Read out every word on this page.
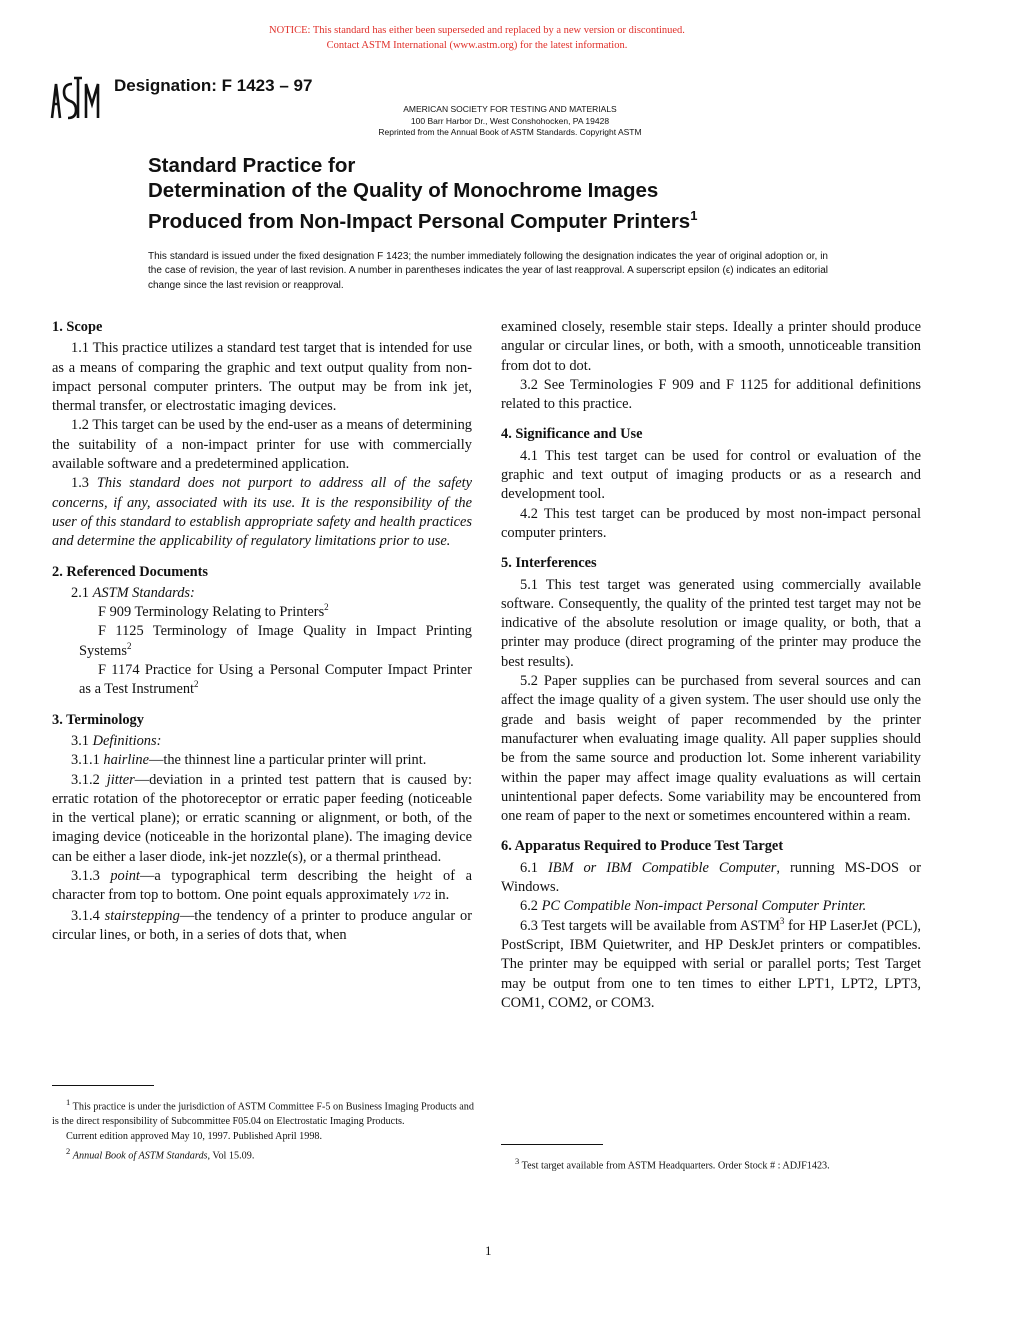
NOTICE: This standard has either been superseded and replaced by a new version or discontinued.
Contact ASTM International (www.astm.org) for the latest information.
ASTM Designation: F 1423 – 97
AMERICAN SOCIETY FOR TESTING AND MATERIALS
100 Barr Harbor Dr., West Conshohocken, PA 19428
Reprinted from the Annual Book of ASTM Standards. Copyright ASTM
Standard Practice for
Determination of the Quality of Monochrome Images
Produced from Non-Impact Personal Computer Printers$^1$
This standard is issued under the fixed designation F 1423; the number immediately following the designation indicates the year of original adoption or, in the case of revision, the year of last revision. A number in parentheses indicates the year of last reapproval. A superscript epsilon (ϵ) indicates an editorial change since the last revision or reapproval.
1. Scope

1.1 This practice utilizes a standard test target that is intended for use as a means of comparing the graphic and text output quality from non-impact personal computer printers. The output may be from ink jet, thermal transfer, or electrostatic imaging devices.

1.2 This target can be used by the end-user as a means of determining the suitability of a non-impact printer for use with commercially available software and a predetermined application.

1.3 This standard does not purport to address all of the safety concerns, if any, associated with its use. It is the responsibility of the user of this standard to establish appropriate safety and health practices and determine the applicability of regulatory limitations prior to use.

2. Referenced Documents

2.1 ASTM Standards:

F 909 Terminology Relating to Printers$^2$

F 1125 Terminology of Image Quality in Impact Printing Systems$^2$

F 1174 Practice for Using a Personal Computer Impact Printer as a Test Instrument$^2$

3. Terminology

3.1 Definitions:

3.1.1 hairline—the thinnest line a particular printer will print.

3.1.2 jitter—deviation in a printed test pattern that is caused by: erratic rotation of the photoreceptor or erratic paper feeding (noticeable in the vertical plane); or erratic scanning or alignment, or both, of the imaging device (noticeable in the horizontal plane). The imaging device can be either a laser diode, ink-jet nozzle(s), or a thermal printhead.

3.1.3 point—a typographical term describing the height of a character from top to bottom. One point equals approximately 1⁄72 in.

3.1.4 stairstepping—the tendency of a printer to produce angular or circular lines, or both, in a series of dots that, when

$^1$ This practice is under the jurisdiction of ASTM Committee F-5 on Business Imaging Products and is the direct responsibility of Subcommittee F05.04 on Electrostatic Imaging Products.

Current edition approved May 10, 1997. Published April 1998.

$^2$ Annual Book of ASTM Standards, Vol 15.09.

examined closely, resemble stair steps. Ideally a printer should produce angular or circular lines, or both, with a smooth, unnoticeable transition from dot to dot.

3.2 See Terminologies F 909 and F 1125 for additional definitions related to this practice.

4. Significance and Use

4.1 This test target can be used for control or evaluation of the graphic and text output of imaging products or as a research and development tool.

4.2 This test target can be produced by most non-impact personal computer printers.

5. Interferences

5.1 This test target was generated using commercially available software. Consequently, the quality of the printed test target may not be indicative of the absolute resolution or image quality, or both, that a printer may produce (direct programing of the printer may produce the best results).

5.2 Paper supplies can be purchased from several sources and can affect the image quality of a given system. The user should use only the grade and basis weight of paper recommended by the printer manufacturer when evaluating image quality. All paper supplies should be from the same source and production lot. Some inherent variability within the paper may affect image quality evaluations as will certain unintentional paper defects. Some variability may be encountered from one ream of paper to the next or sometimes encountered within a ream.

6. Apparatus Required to Produce Test Target

6.1 IBM or IBM Compatible Computer, running MS-DOS or Windows.

6.2 PC Compatible Non-impact Personal Computer Printer.

6.3 Test targets will be available from ASTM$^3$ for HP LaserJet (PCL), PostScript, IBM Quietwriter, and HP DeskJet printers or compatibles. The printer may be equipped with serial or parallel ports; Test Target may be output from one to ten times to either LPT1, LPT2, LPT3, COM1, COM2, or COM3.

$^3$ Test target available from ASTM Headquarters. Order Stock # : ADJF1423.

1
